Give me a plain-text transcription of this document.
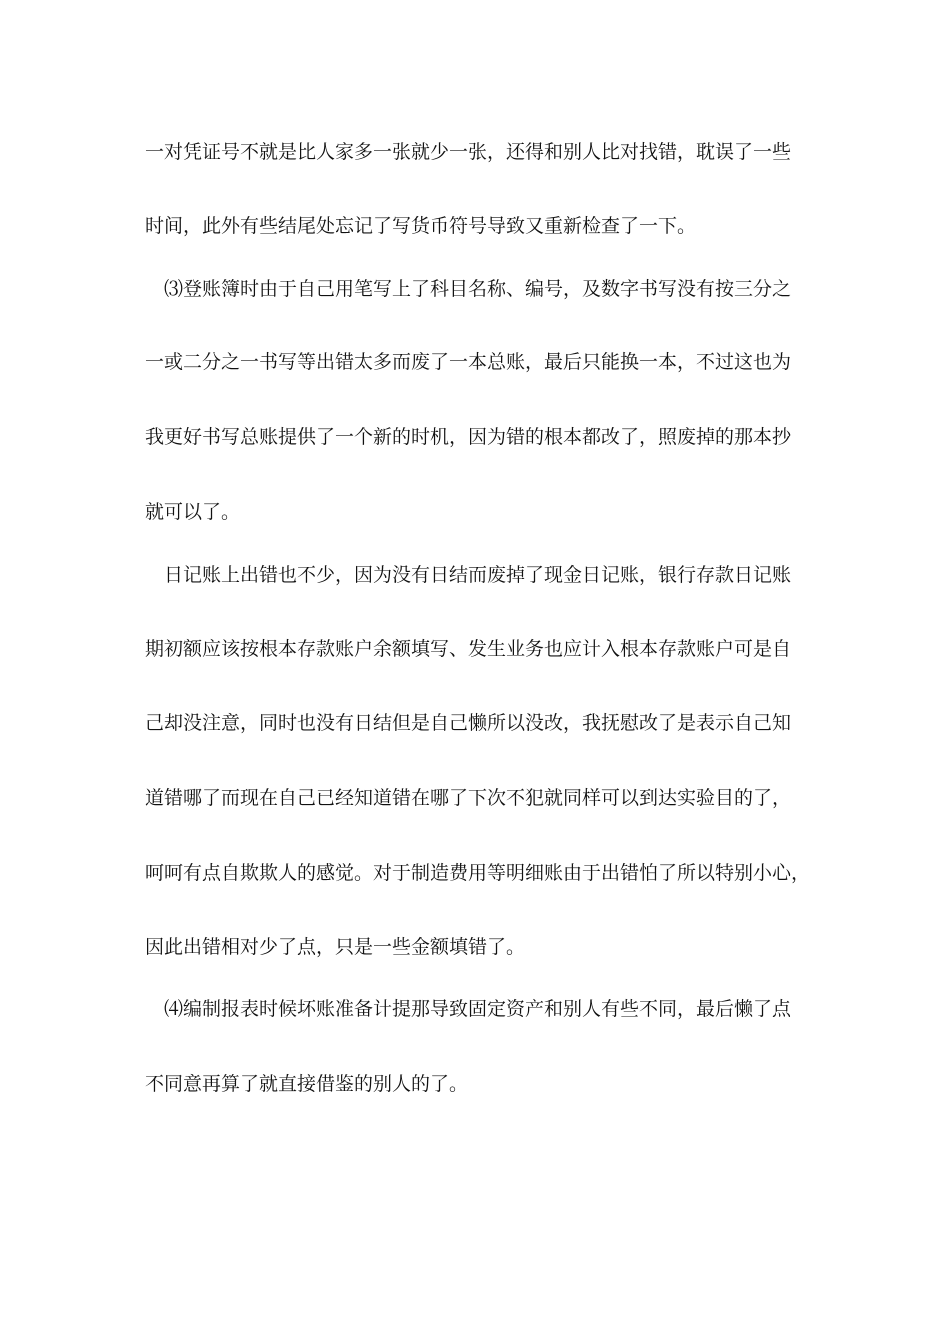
一对凭证号不就是比人家多一张就少一张，还得和别人比对找错，耽误了一些
时间，此外有些结尾处忘记了写货币符号导致又重新检查了一下。
⑶登账簿时由于自己用笔写上了科目名称、编号，及数字书写没有按三分之
一或二分之一书写等出错太多而废了一本总账，最后只能换一本，不过这也为
我更好书写总账提供了一个新的时机，因为错的根本都改了，照废掉的那本抄
就可以了。
日记账上出错也不少，因为没有日结而废掉了现金日记账，银行存款日记账
期初额应该按根本存款账户余额填写、发生业务也应计入根本存款账户可是自
己却没注意，同时也没有日结但是自己懒所以没改，我抚慰改了是表示自己知
道错哪了而现在自己已经知道错在哪了下次不犯就同样可以到达实验目的了，
呵呵有点自欺欺人的感觉。对于制造费用等明细账由于出错怕了所以特别小心，
因此出错相对少了点，只是一些金额填错了。
⑷编制报表时候坏账准备计提那导致固定资产和别人有些不同，最后懒了点
不同意再算了就直接借鉴的别人的了。
